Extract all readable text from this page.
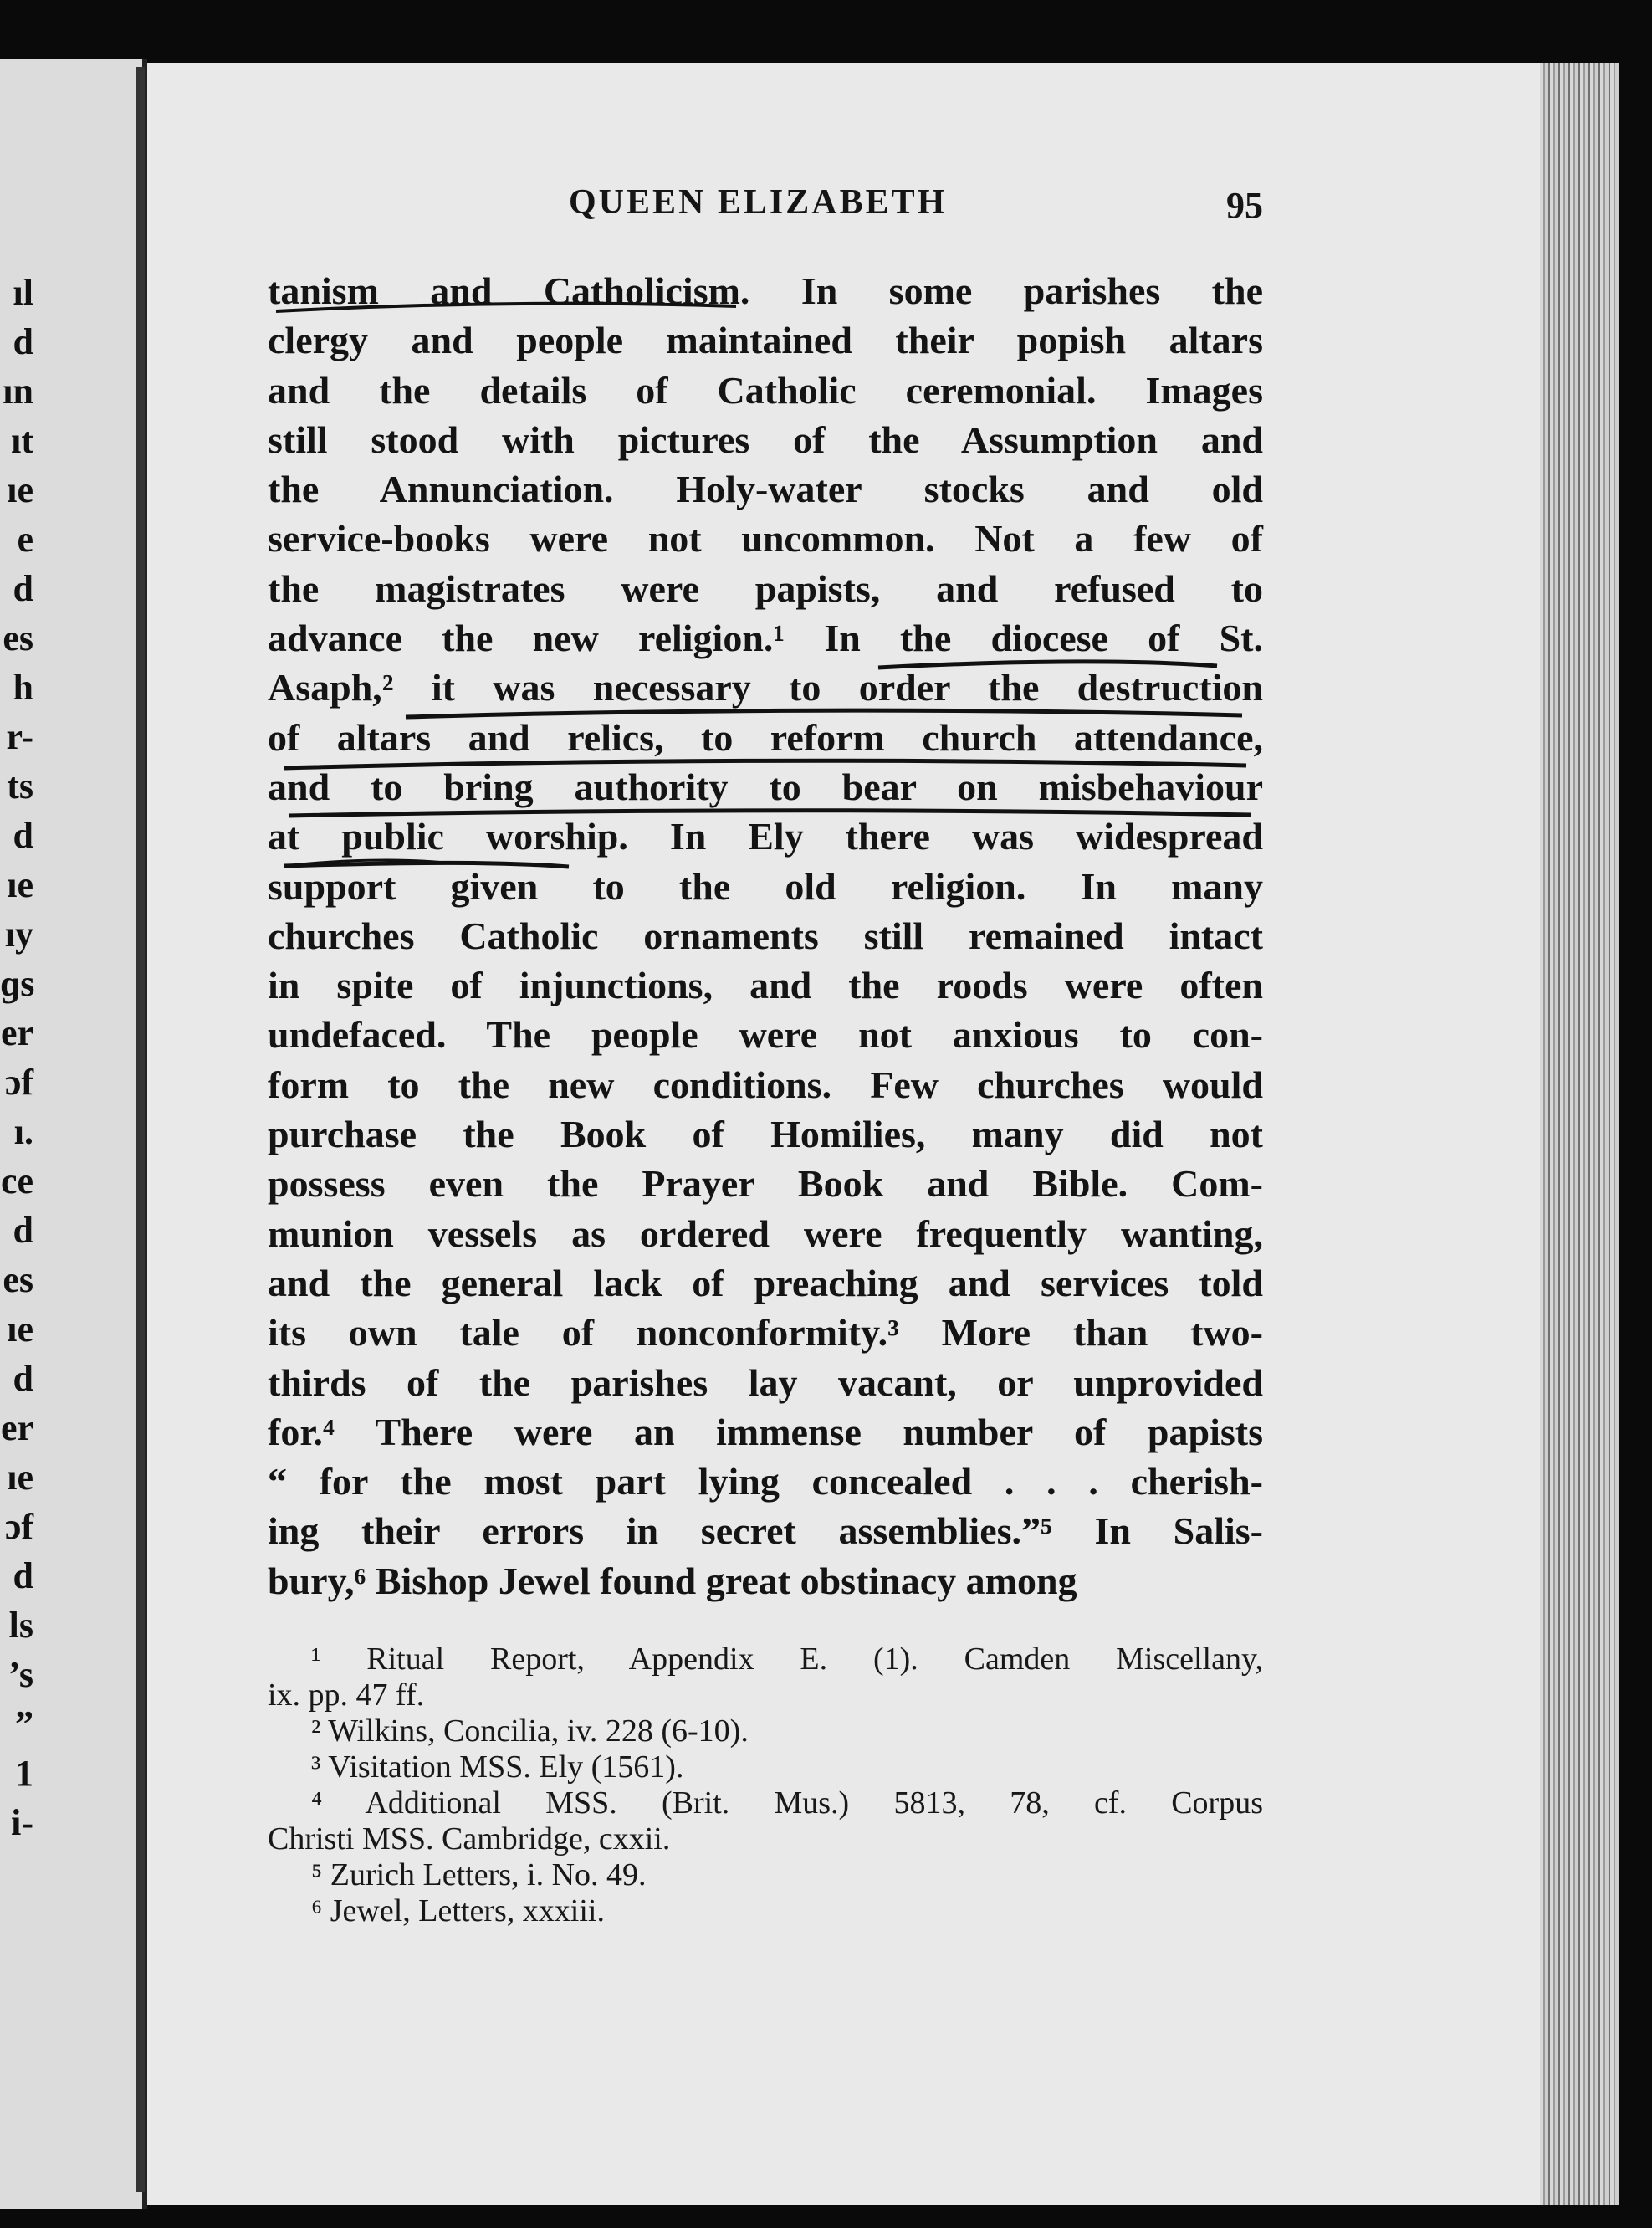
ıl
d
ın
ıt
ıe
e
d
es
h
r-
ts
d
ıe
ıy
ɡs
er
ɔf
ı.
ce
d
es
ıe
d
er
ıe
ɔf
d
ls
’s
”
1
i-
QUEEN ELIZABETH	95
tanism and Catholicism. In some parishes the
clergy and people maintained their popish altars
and the details of Catholic ceremonial. Images
still stood with pictures of the Assumption and
the Annunciation. Holy-water stocks and old
service-books were not uncommon. Not a few of
the magistrates were papists, and refused to
advance the new religion.¹ In the diocese of St.
Asaph,² it was necessary to order the destruction
of altars and relics, to reform church attendance,
and to bring authority to bear on misbehaviour
at public worship. In Ely there was widespread
support given to the old religion. In many
churches Catholic ornaments still remained intact
in spite of injunctions, and the roods were often
undefaced. The people were not anxious to con-
form to the new conditions. Few churches would
purchase the Book of Homilies, many did not
possess even the Prayer Book and Bible. Com-
munion vessels as ordered were frequently wanting,
and the general lack of preaching and services told
its own tale of nonconformity.³ More than two-
thirds of the parishes lay vacant, or unprovided
for.⁴ There were an immense number of papists
“ for the most part lying concealed . . . cherish-
ing their errors in secret assemblies.”⁵ In Salis-
bury,⁶ Bishop Jewel found great obstinacy among
¹ Ritual Report, Appendix E. (1). Camden Miscellany,
ix. pp. 47 ff.
² Wilkins, Concilia, iv. 228 (6-10).
³ Visitation MSS. Ely (1561).
⁴ Additional MSS. (Brit. Mus.) 5813, 78, cf. Corpus
Christi MSS. Cambridge, cxxii.
⁵ Zurich Letters, i. No. 49.
⁶ Jewel, Letters, xxxiii.
